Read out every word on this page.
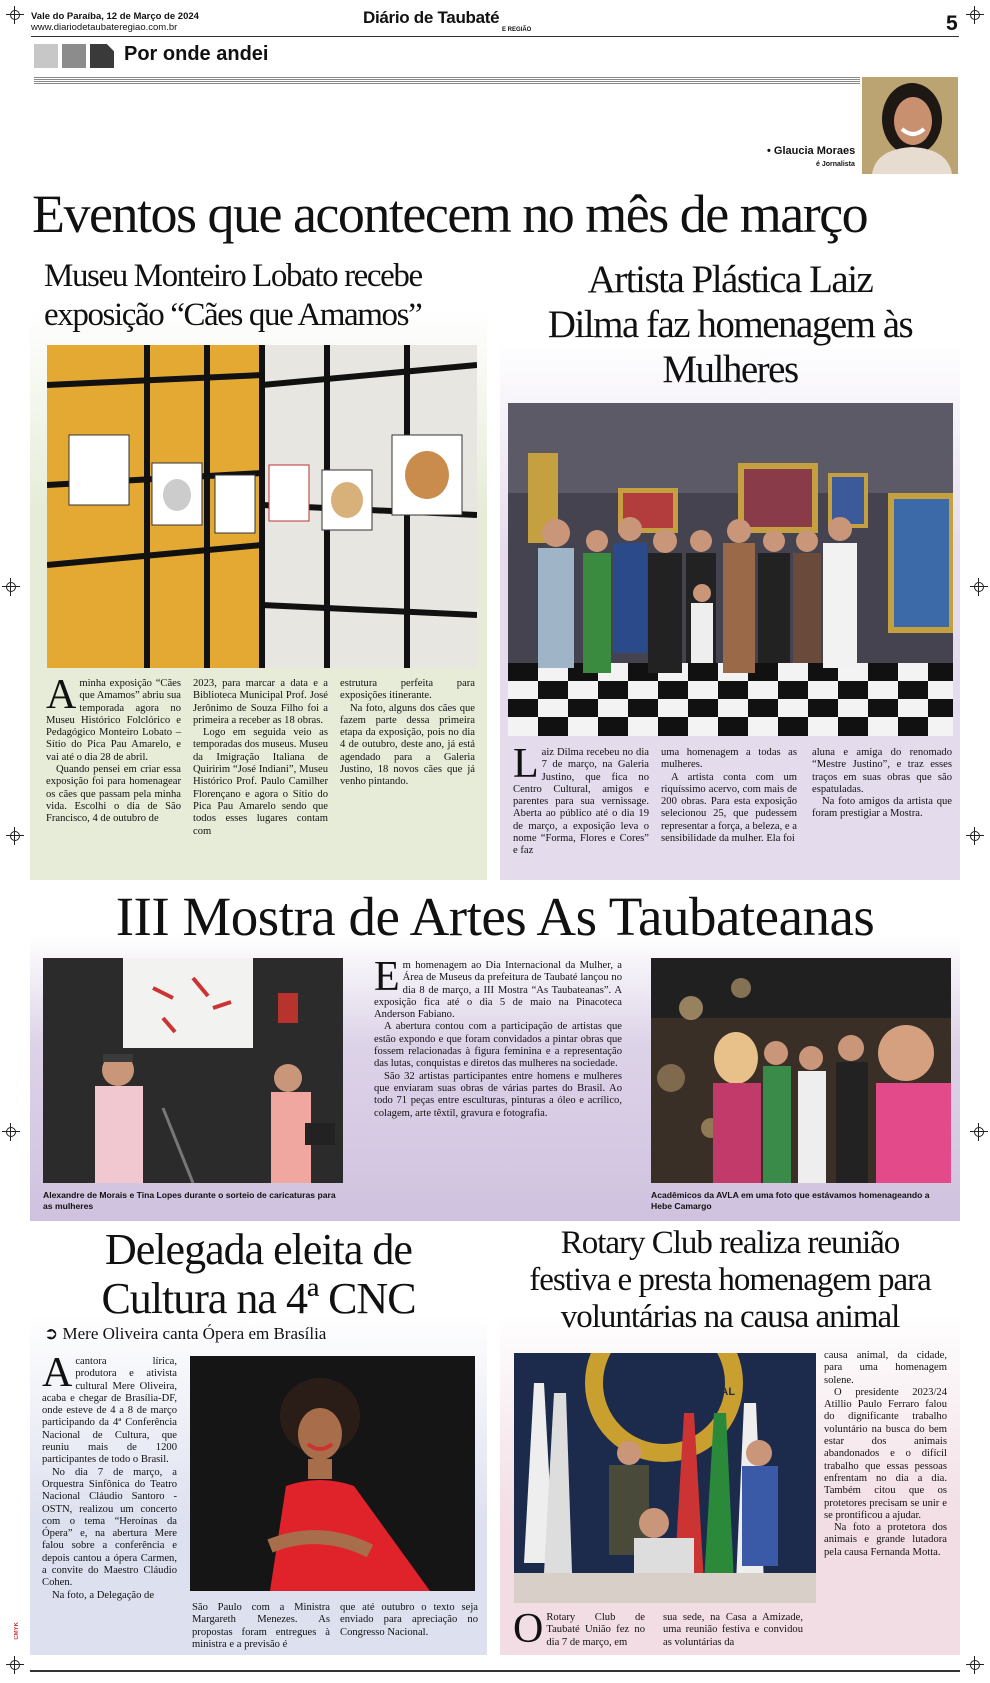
Vale do Paraíba, 12 de Março de 2024
www.diariodetaubateregiao.com.br
Diário de Taubaté
E REGIÃO	5
Por onde andei
• Glaucia Moraes
é Jornalista
Eventos que acontecem no mês de março
Museu Monteiro Lobato recebe
exposição “Cães que Amamos”
A minha exposição “Cães que Amamos” abriu sua temporada agora no Museu Histórico Folclórico e Pedagógico Monteiro Lobato – Sítio do Pica Pau Amarelo, e vai até o dia 28 de abril.

Quando pensei em criar essa exposição foi para homenagear os cães que passam pela minha vida. Escolhi o dia de São Francisco, 4 de outubro de

2023, para marcar a data e a Biblioteca Municipal Prof. José Jerônimo de Souza Filho foi a primeira a receber as 18 obras.

Logo em seguida veio as temporadas dos museus. Museu da Imigração Italiana de Quiririm “José Indiani”, Museu Histórico Prof. Paulo Camilher Florençano e agora o Sítio do Pica Pau Amarelo sendo que todos esses lugares contam com

estrutura perfeita para exposições itinerante.

Na foto, alguns dos cães que fazem parte dessa primeira etapa da exposição, pois no dia 4 de outubro, deste ano, já está agendado para a Galeria Justino, 18 novos cães que já venho pintando.

Artista Plástica Laiz
Dilma faz homenagem às
Mulheres
L aiz Dilma recebeu no dia 7 de março, na Galeria Justino, que fica no Centro Cultural, amigos e parentes para sua vernissage. Aberta ao público até o dia 19 de março, a exposição leva o nome “Forma, Flores e Cores” e faz

uma homenagem a todas as mulheres.

A artista conta com um riquíssimo acervo, com mais de 200 obras. Para esta exposição selecionou 25, que pudessem representar a força, a beleza, e a sensibilidade da mulher. Ela foi

aluna e amiga do renomado “Mestre Justino”, e traz esses traços em suas obras que são espatuladas.

Na foto amigos da artista que foram prestigiar a Mostra.

III Mostra de Artes As Taubateanas
Alexandre de Morais e Tina Lopes durante o sorteio de caricaturas para as mulheres
E m homenagem ao Dia Internacional da Mulher, a Área de Museus da prefeitura de Taubaté lançou no dia 8 de março, a III Mostra “As Taubateanas”. A exposição fica até o dia 5 de maio na Pinacoteca Anderson Fabiano.

A abertura contou com a participação de artistas que estão expondo e que foram convidados a pintar obras que fossem relacionadas à figura feminina e a representação das lutas, conquistas e diretos das mulheres na sociedade.

São 32 artistas participantes entre homens e mulheres que enviaram suas obras de várias partes do Brasil. Ao todo 71 peças entre esculturas, pinturas a óleo e acrílico, colagem, arte têxtil, gravura e fotografia.

Acadêmicos da AVLA em uma foto que estávamos homenageando a Hebe Camargo
Delegada eleita de
Cultura na 4ª CNC
➲ Mere Oliveira canta Ópera em Brasília
A cantora lírica, produtora e ativista cultural Mere Oliveira, acaba e chegar de Brasília-DF, onde esteve de 4 a 8 de março participando da 4ª Conferência Nacional de Cultura, que reuniu mais de 1200 participantes de todo o Brasil.

No dia 7 de março, a Orquestra Sinfônica do Teatro Nacional Cláudio Santoro - OSTN, realizou um concerto com o tema “Heroínas da Ópera” e, na abertura Mere falou sobre a conferência e depois cantou a ópera Carmen, a convite do Maestro Cláudio Cohen.

Na foto, a Delegação de

São Paulo com a Ministra Margareth Menezes. As propostas foram entregues à ministra e a previsão é

que até outubro o texto seja enviado para apreciação no Congresso Nacional.

Rotary Club realiza reunião
festiva e presta homenagem para
voluntárias na causa animal
INTERNACIONAL
O Rotary Club de Taubaté União fez no dia 7 de março, em

sua sede, na Casa a Amizade, uma reunião festiva e convidou as voluntárias da

causa animal, da cidade, para uma homenagem solene.

O presidente 2023/24 Atillio Paulo Ferraro falou do dignificante trabalho voluntário na busca do bem estar dos animais abandonados e o difícil trabalho que essas pessoas enfrentam no dia a dia. Também citou que os protetores precisam se unir e se prontificou a ajudar.

Na foto a protetora dos animais e grande lutadora pela causa Fernanda Motta.

CMYK
